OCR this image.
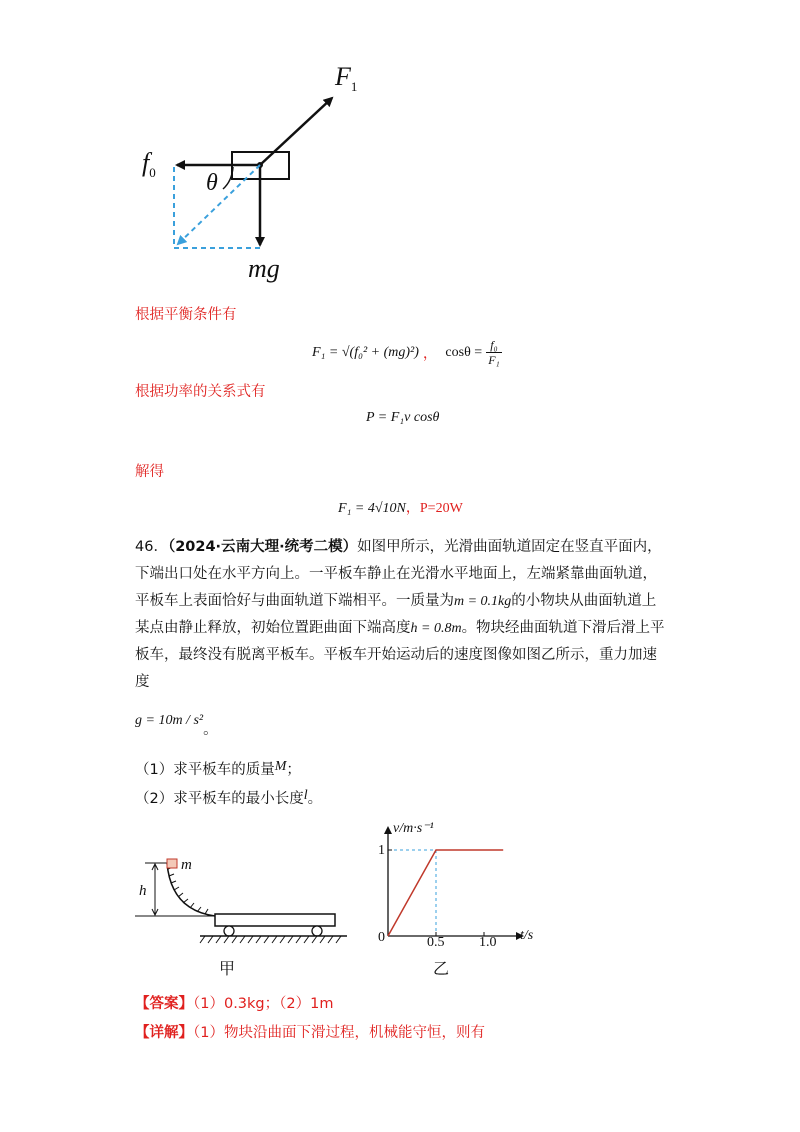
$F_1$
$f_0$ θ
mg
根据平衡条件有
F₁ = √(f₀² + (mg)²) ， $\cos\theta = \frac{\text{f₀}}{\text{F₁}}$
根据功率的关系式有
P = F₁v cosθ
解得
F₁ = 4√10N，P=20W
46．（2024·云南大理·统考二模）如图甲所示，光滑曲面轨道固定在竖直平面内，下端出口处在水平方向上。一平板车静止在光滑水平地面上，左端紧靠曲面轨道，平板车上表面恰好与曲面轨道下端相平。一质量为m = 0.1kg的小物块从曲面轨道上某点由静止释放，初始位置距曲面下端高度h = 0.8m。物块经曲面轨道下滑后滑上平板车，最终没有脱离平板车。平板车开始运动后的速度图像如图乙所示，重力加速度
g = 10m / s²。
（1）求平板车的质量M；
（2）求平板车的最小长度l。
m
h
甲
v/m·s⁻¹
t/s
0
1
0.5 1.0
乙
【答案】（1）0.3kg；（2）1m
【详解】（1）物块沿曲面下滑过程，机械能守恒，则有
